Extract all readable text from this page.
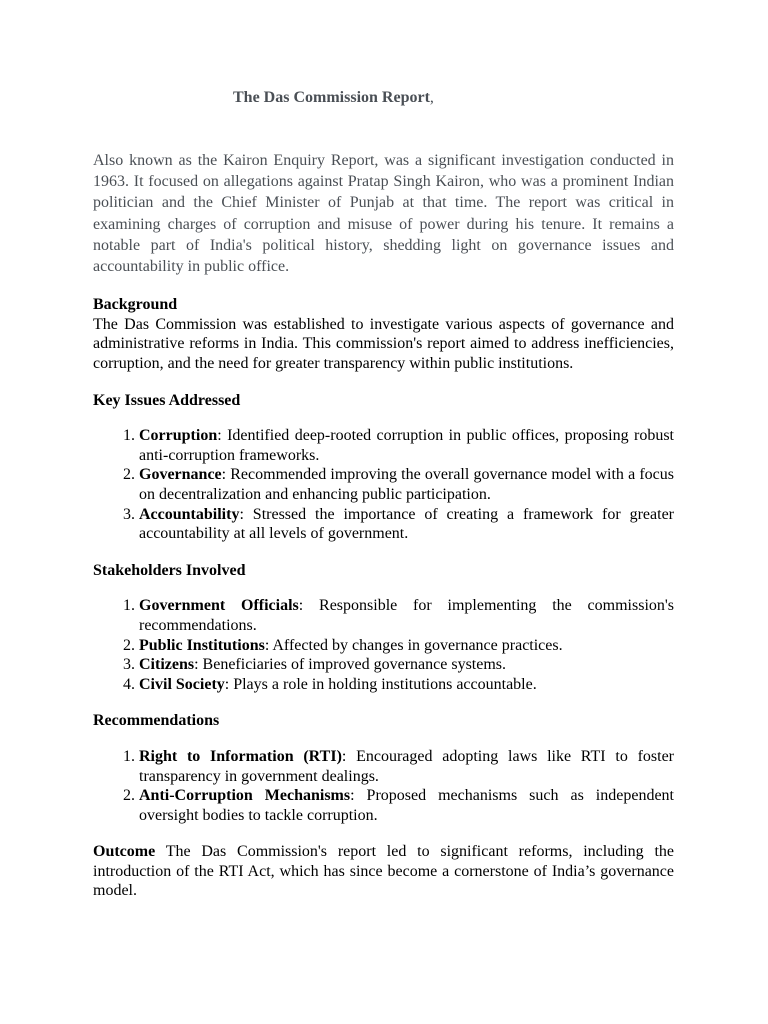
The Das Commission Report,

Also known as the Kairon Enquiry Report, was a significant investigation conducted in 1963. It focused on allegations against Pratap Singh Kairon, who was a prominent Indian politician and the Chief Minister of Punjab at that time. The report was critical in examining charges of corruption and misuse of power during his tenure. It remains a notable part of India's political history, shedding light on governance issues and accountability in public office.

Background

The Das Commission was established to investigate various aspects of governance and administrative reforms in India. This commission's report aimed to address inefficiencies, corruption, and the need for greater transparency within public institutions.

Key Issues Addressed

1. Corruption: Identified deep-rooted corruption in public offices, proposing robust anti-corruption frameworks.
2. Governance: Recommended improving the overall governance model with a focus on decentralization and enhancing public participation.
3. Accountability: Stressed the importance of creating a framework for greater accountability at all levels of government.

Stakeholders Involved

1. Government Officials: Responsible for implementing the commission's recommendations.
2. Public Institutions: Affected by changes in governance practices.
3. Citizens: Beneficiaries of improved governance systems.
4. Civil Society: Plays a role in holding institutions accountable.

Recommendations

1. Right to Information (RTI): Encouraged adopting laws like RTI to foster transparency in government dealings.
2. Anti-Corruption Mechanisms: Proposed mechanisms such as independent oversight bodies to tackle corruption.

Outcome The Das Commission's report led to significant reforms, including the introduction of the RTI Act, which has since become a cornerstone of India’s governance model.
